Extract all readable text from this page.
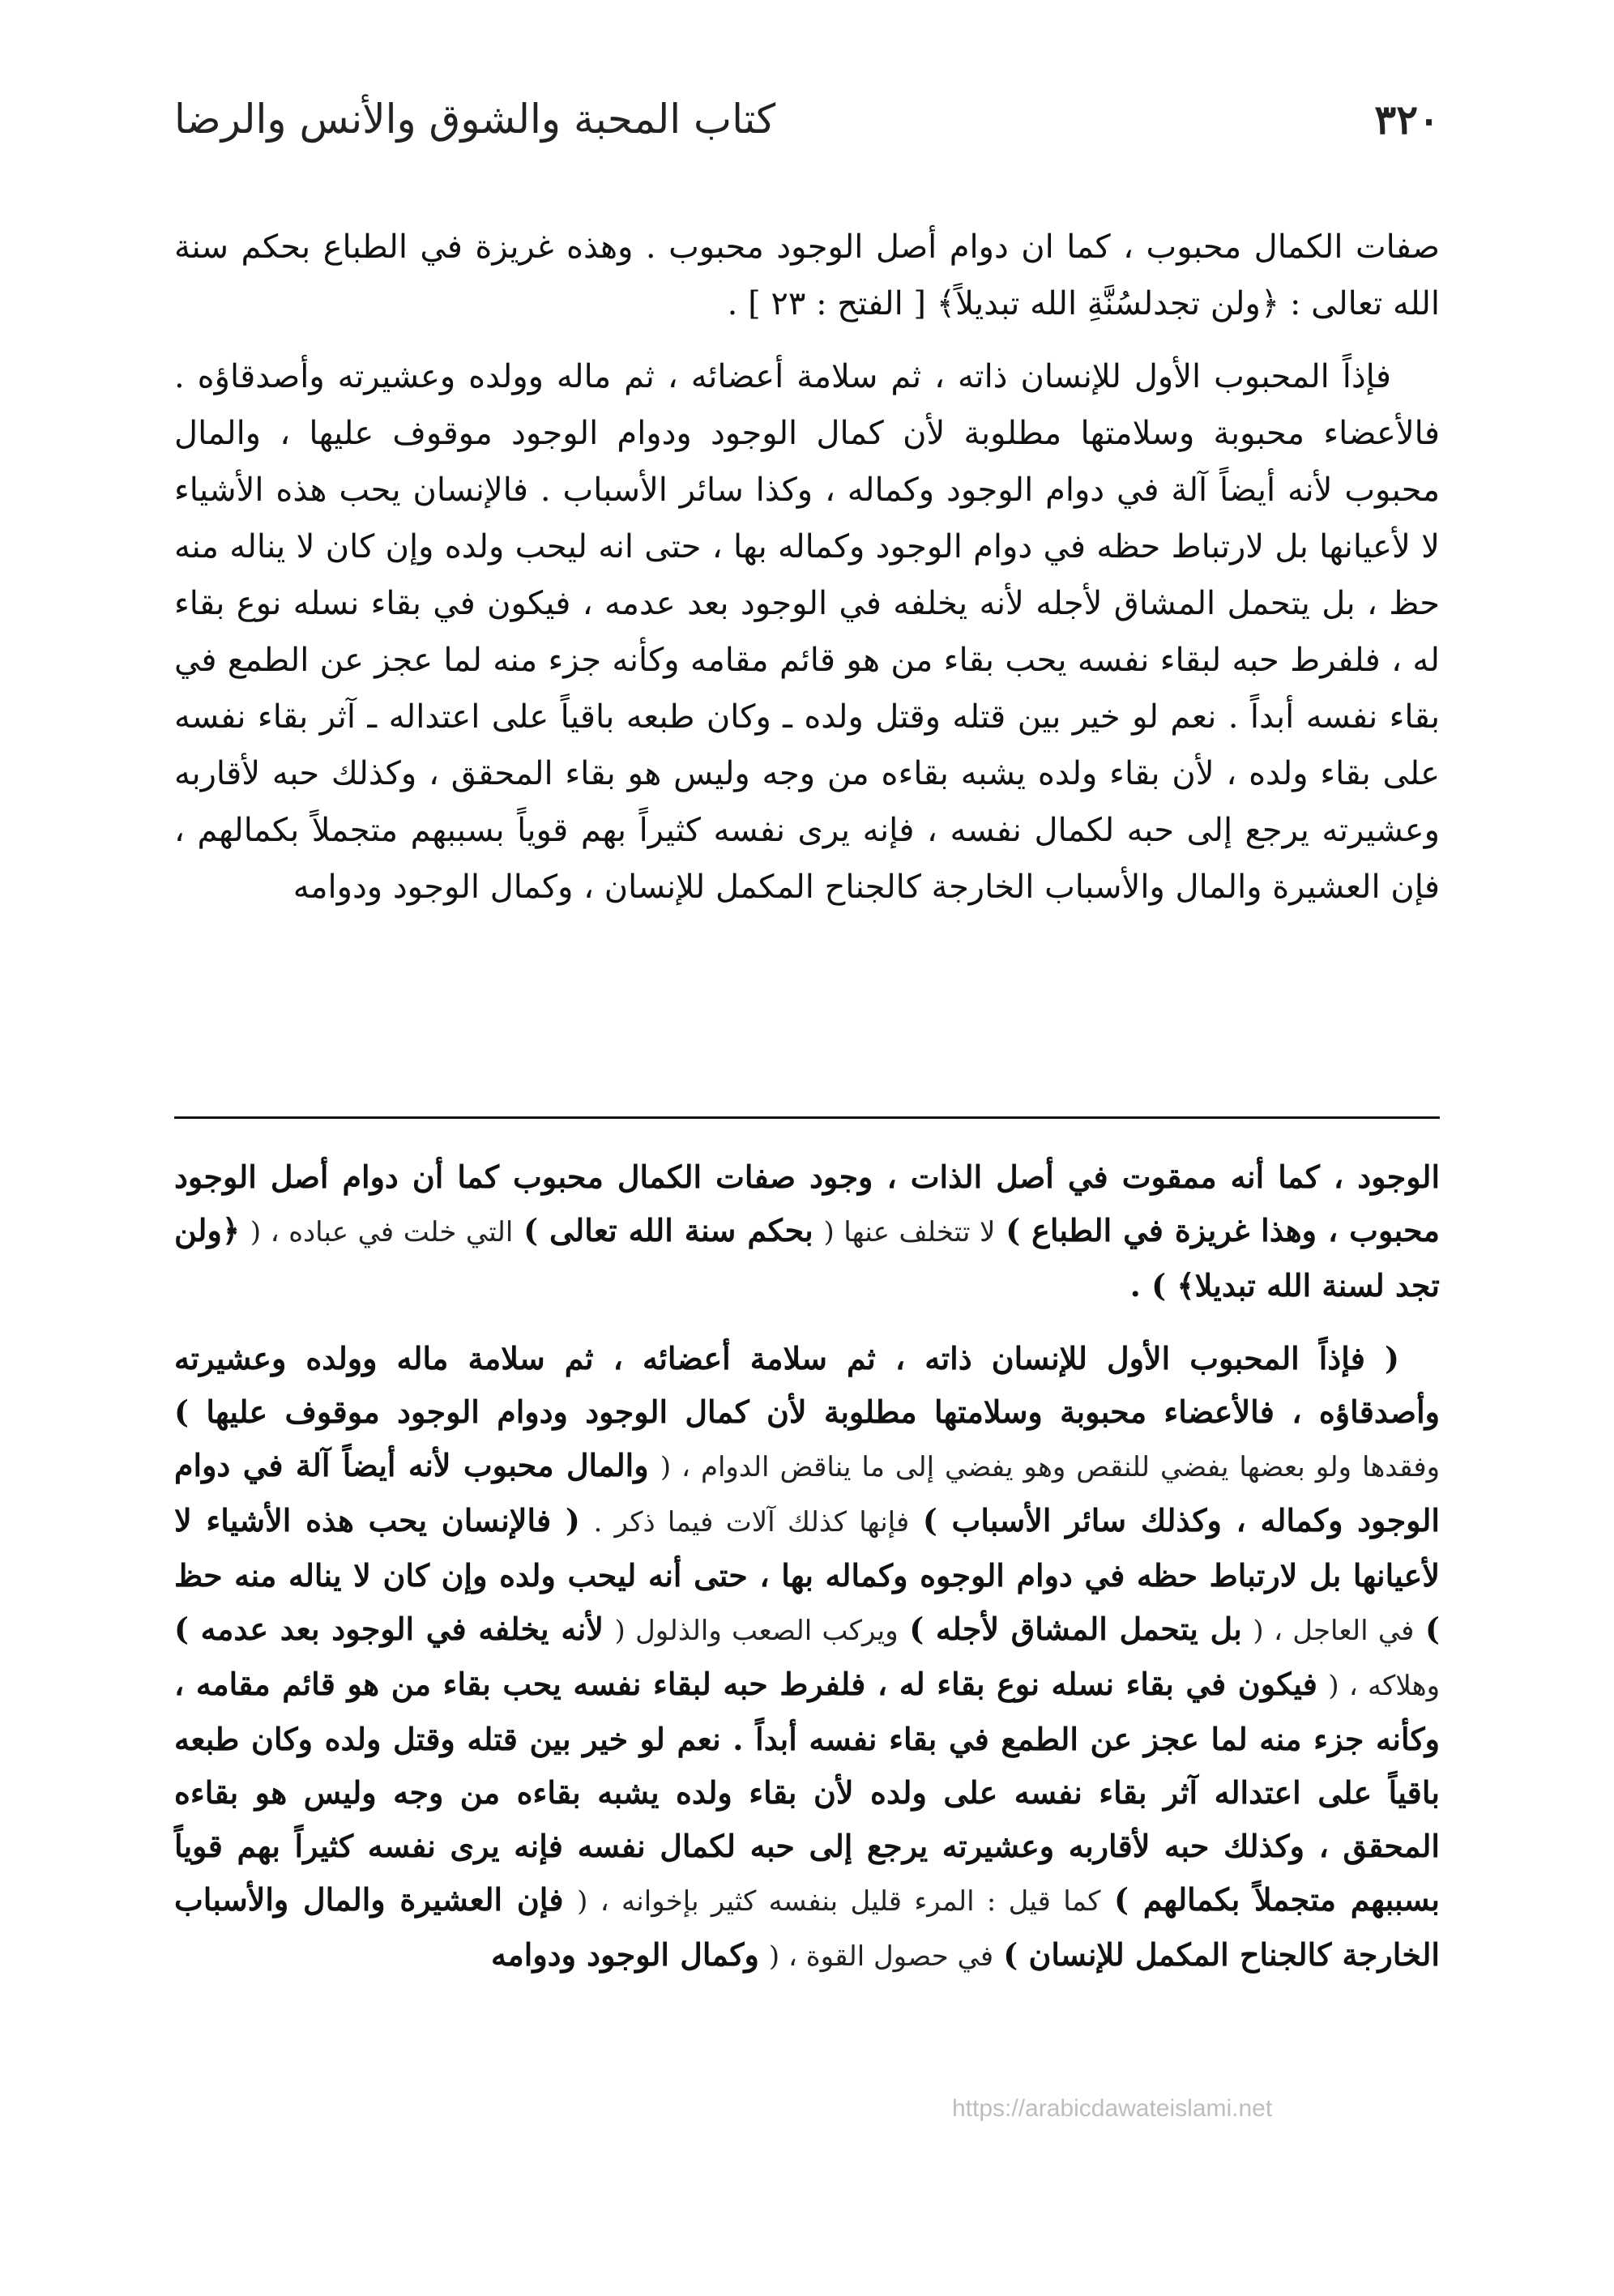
٣٢٠
كتاب المحبة والشوق والأنس والرضا

صفات الكمال محبوب ، كما ان دوام أصل الوجود محبوب . وهذه غريزة في الطباع بحكم سنة الله تعالى : ﴿ولن تجدلسُنَّةِ الله تبديلاً﴾ [ الفتح : ٢٣ ] .

فإذاً المحبوب الأول للإنسان ذاته ، ثم سلامة أعضائه ، ثم ماله وولده وعشيرته وأصدقاؤه . فالأعضاء محبوبة وسلامتها مطلوبة لأن كمال الوجود ودوام الوجود موقوف عليها ، والمال محبوب لأنه أيضاً آلة في دوام الوجود وكماله ، وكذا سائر الأسباب . فالإنسان يحب هذه الأشياء لا لأعيانها بل لارتباط حظه في دوام الوجود وكماله بها ، حتى انه ليحب ولده وإن كان لا يناله منه حظ ، بل يتحمل المشاق لأجله لأنه يخلفه في الوجود بعد عدمه ، فيكون في بقاء نسله نوع بقاء له ، فلفرط حبه لبقاء نفسه يحب بقاء من هو قائم مقامه وكأنه جزء منه لما عجز عن الطمع في بقاء نفسه أبداً . نعم لو خير بين قتله وقتل ولده ـ وكان طبعه باقياً على اعتداله ـ آثر بقاء نفسه على بقاء ولده ، لأن بقاء ولده يشبه بقاءه من وجه وليس هو بقاء المحقق ، وكذلك حبه لأقاربه وعشيرته يرجع إلى حبه لكمال نفسه ، فإنه يرى نفسه كثيراً بهم قوياً بسببهم متجملاً بكمالهم ، فإن العشيرة والمال والأسباب الخارجة كالجناح المكمل للإنسان ، وكمال الوجود ودوامه

الوجود ، كما أنه ممقوت في أصل الذات ، وجود صفات الكمال محبوب كما أن دوام أصل الوجود محبوب ، وهذا غريزة في الطباع ) لا تتخلف عنها ( بحكم سنة الله تعالى ) التي خلت في عباده ، ( ﴿ولن تجد لسنة الله تبديلا﴾ ) .

( فإذاً المحبوب الأول للإنسان ذاته ، ثم سلامة أعضائه ، ثم سلامة ماله وولده وعشيرته وأصدقاؤه ، فالأعضاء محبوبة وسلامتها مطلوبة لأن كمال الوجود ودوام الوجود موقوف عليها ) وفقدها ولو بعضها يفضي للنقص وهو يفضي إلى ما يناقض الدوام ، ( والمال محبوب لأنه أيضاً آلة في دوام الوجود وكماله ، وكذلك سائر الأسباب ) فإنها كذلك آلات فيما ذكر . ( فالإنسان يحب هذه الأشياء لا لأعيانها بل لارتباط حظه في دوام الوجوه وكماله بها ، حتى أنه ليحب ولده وإن كان لا يناله منه حظ ) في العاجل ، ( بل يتحمل المشاق لأجله ) ويركب الصعب والذلول ( لأنه يخلفه في الوجود بعد عدمه ) وهلاكه ، ( فيكون في بقاء نسله نوع بقاء له ، فلفرط حبه لبقاء نفسه يحب بقاء من هو قائم مقامه ، وكأنه جزء منه لما عجز عن الطمع في بقاء نفسه أبداً . نعم لو خير بين قتله وقتل ولده وكان طبعه باقياً على اعتداله آثر بقاء نفسه على ولده لأن بقاء ولده يشبه بقاءه من وجه وليس هو بقاءه المحقق ، وكذلك حبه لأقاربه وعشيرته يرجع إلى حبه لكمال نفسه فإنه يرى نفسه كثيراً بهم قوياً بسببهم متجملاً بكمالهم ) كما قيل : المرء قليل بنفسه كثير بإخوانه ، ( فإن العشيرة والمال والأسباب الخارجة كالجناح المكمل للإنسان ) في حصول القوة ، ( وكمال الوجود ودوامه

https://arabicdawateislami.net
